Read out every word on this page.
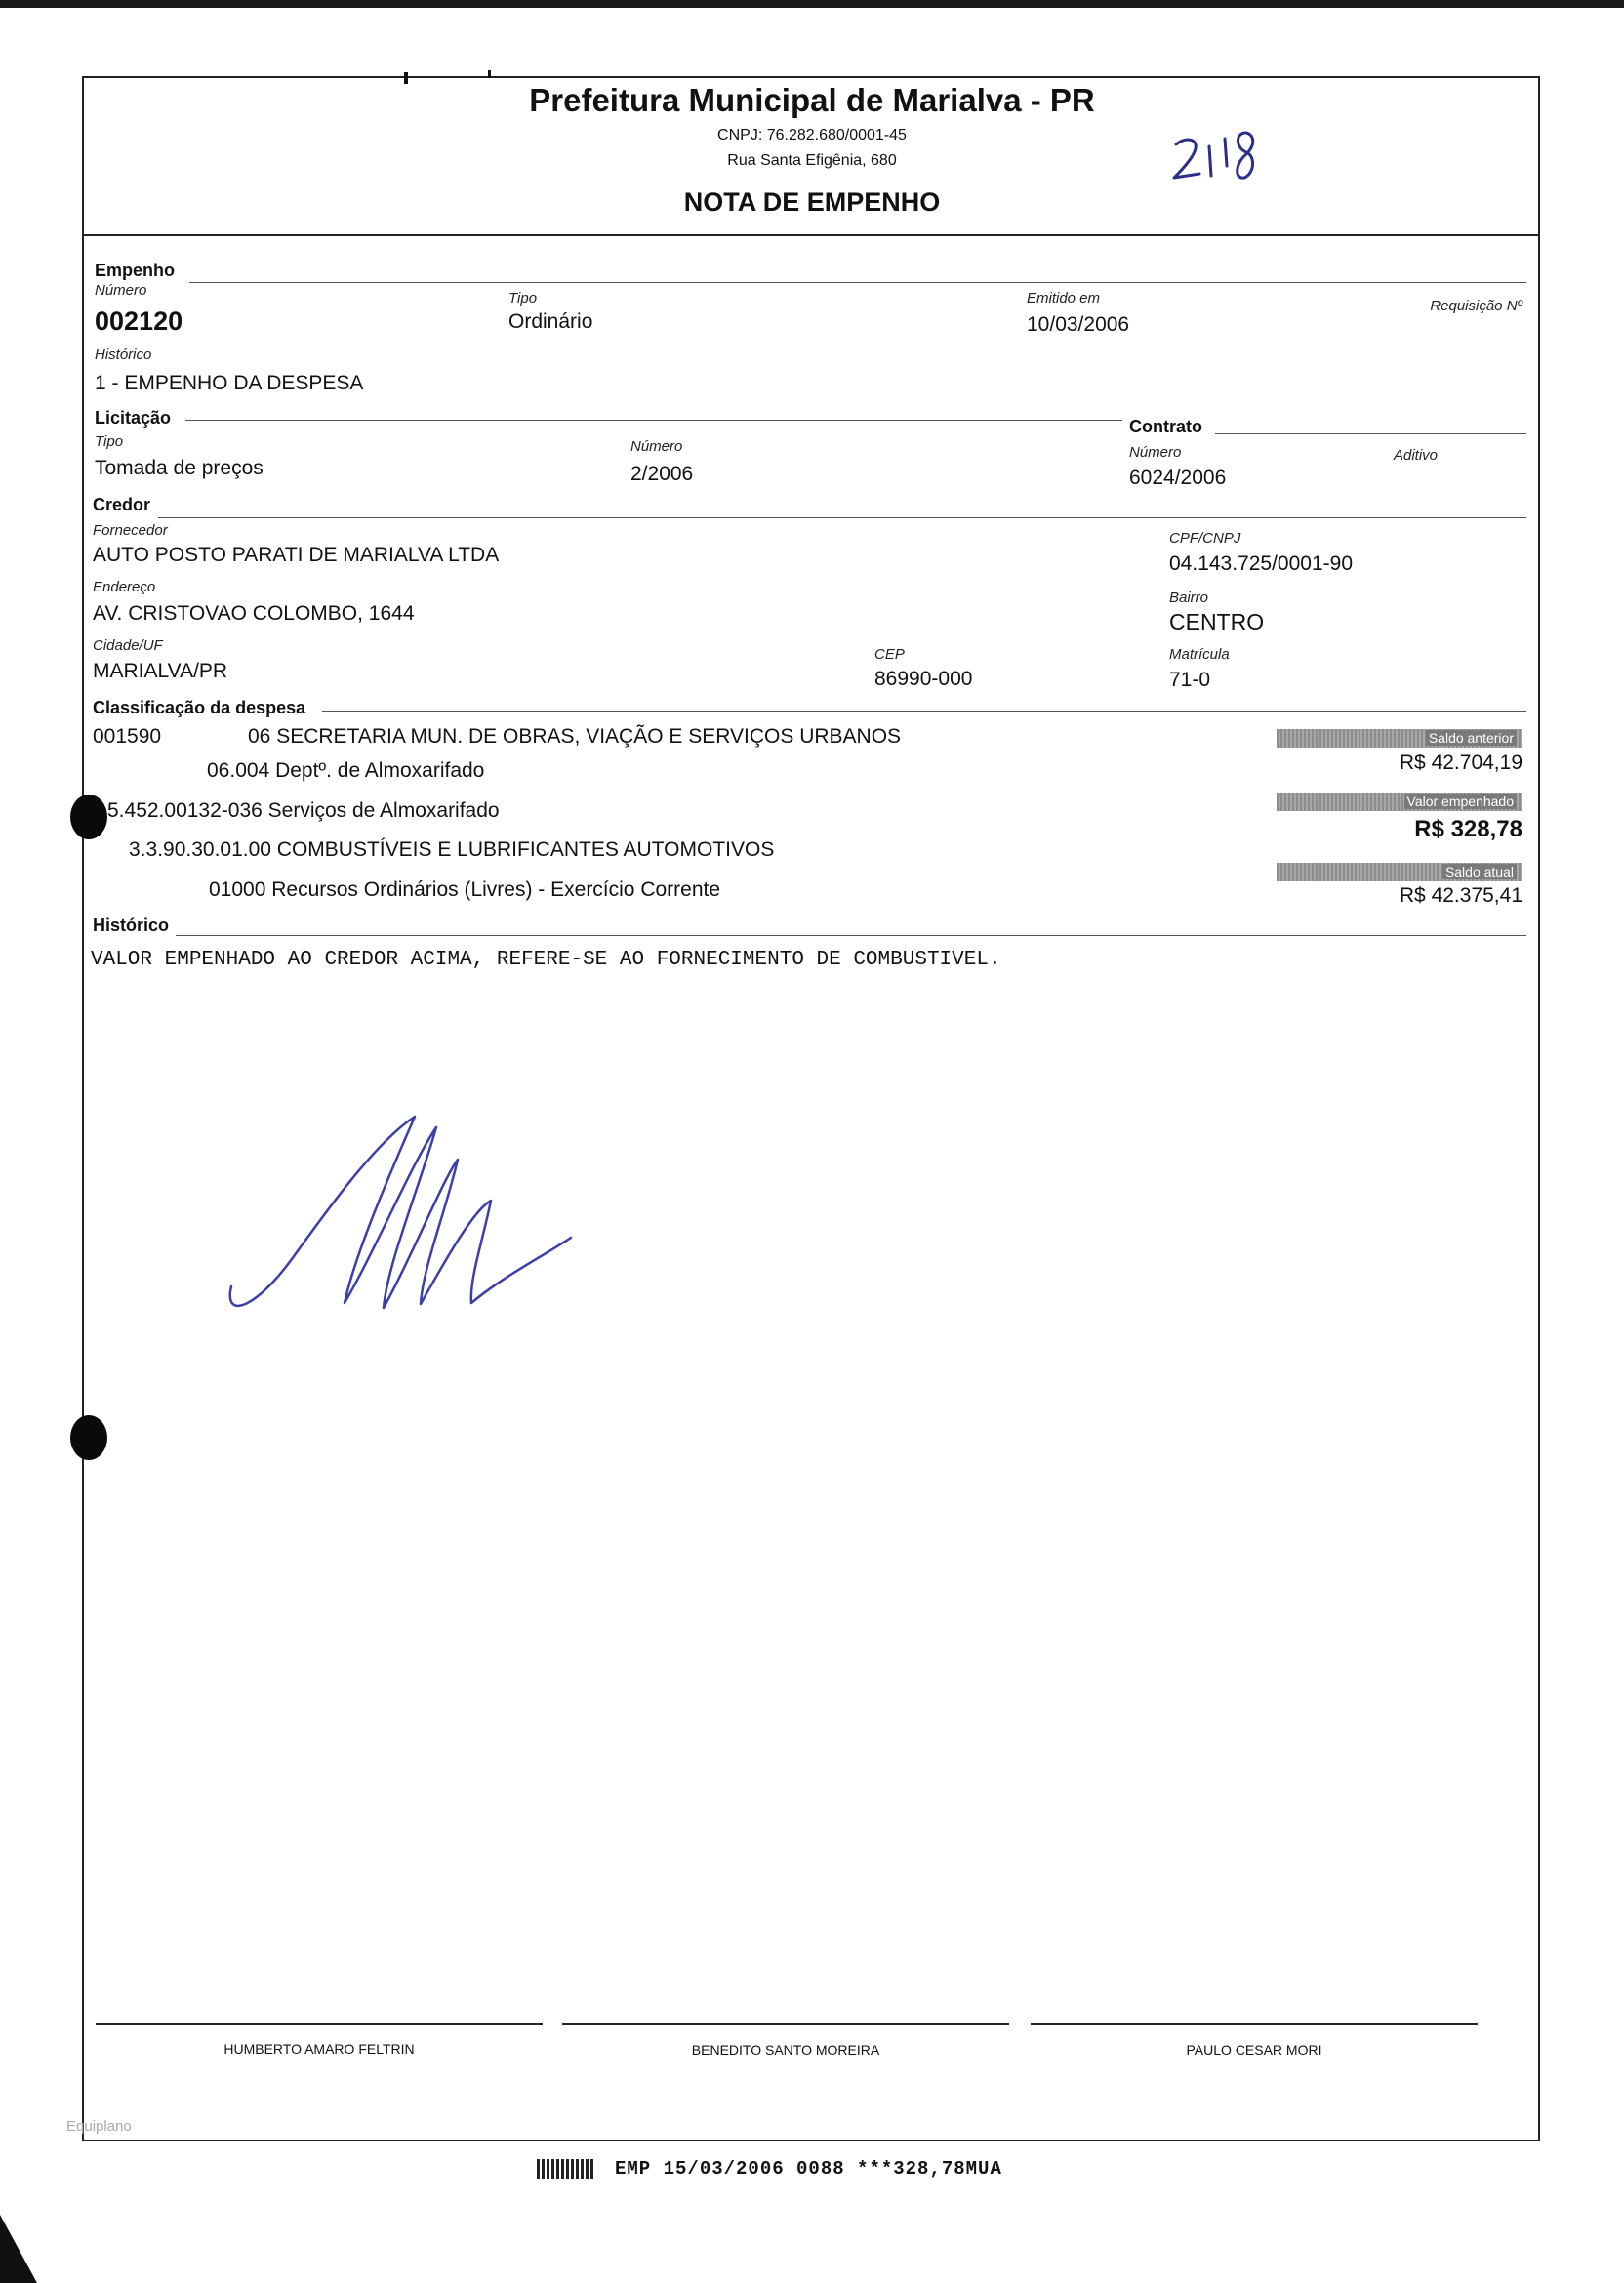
Prefeitura Municipal de Marialva - PR
CNPJ: 76.282.680/0001-45
Rua Santa Efigênia, 680
NOTA DE EMPENHO
Empenho
Número
002120
Tipo
Ordinário
Emitido em
10/03/2006
Requisição Nº
Histórico
1 - EMPENHO DA DESPESA
Licitação
Tipo
Tomada de preços
Número
2/2006
Contrato
Número
6024/2006
Aditivo
Credor
Fornecedor
AUTO POSTO PARATI DE MARIALVA LTDA
CPF/CNPJ
04.143.725/0001-90
Endereço
AV. CRISTOVAO COLOMBO, 1644
Bairro
CENTRO
Cidade/UF
MARIALVA/PR
CEP
86990-000
Matrícula
71-0
Classificação da despesa
001590	06 SECRETARIA MUN. DE OBRAS, VIAÇÃO E SERVIÇOS URBANOS
06.004 Deptº. de Almoxarifado
5.452.00132-036 Serviços de Almoxarifado
3.3.90.30.01.00 COMBUSTÍVEIS E LUBRIFICANTES AUTOMOTIVOS
01000 Recursos Ordinários (Livres) - Exercício Corrente
Saldo anterior
R$ 42.704,19
Valor empenhado
R$ 328,78
Saldo atual
R$ 42.375,41
Histórico
VALOR EMPENHADO AO CREDOR ACIMA, REFERE-SE AO FORNECIMENTO DE COMBUSTIVEL.
HUMBERTO AMARO FELTRIN	BENEDITO SANTO MOREIRA	PAULO CESAR MORI
Equiplano
EMP 15/03/2006 0088 ***328,78MUA
